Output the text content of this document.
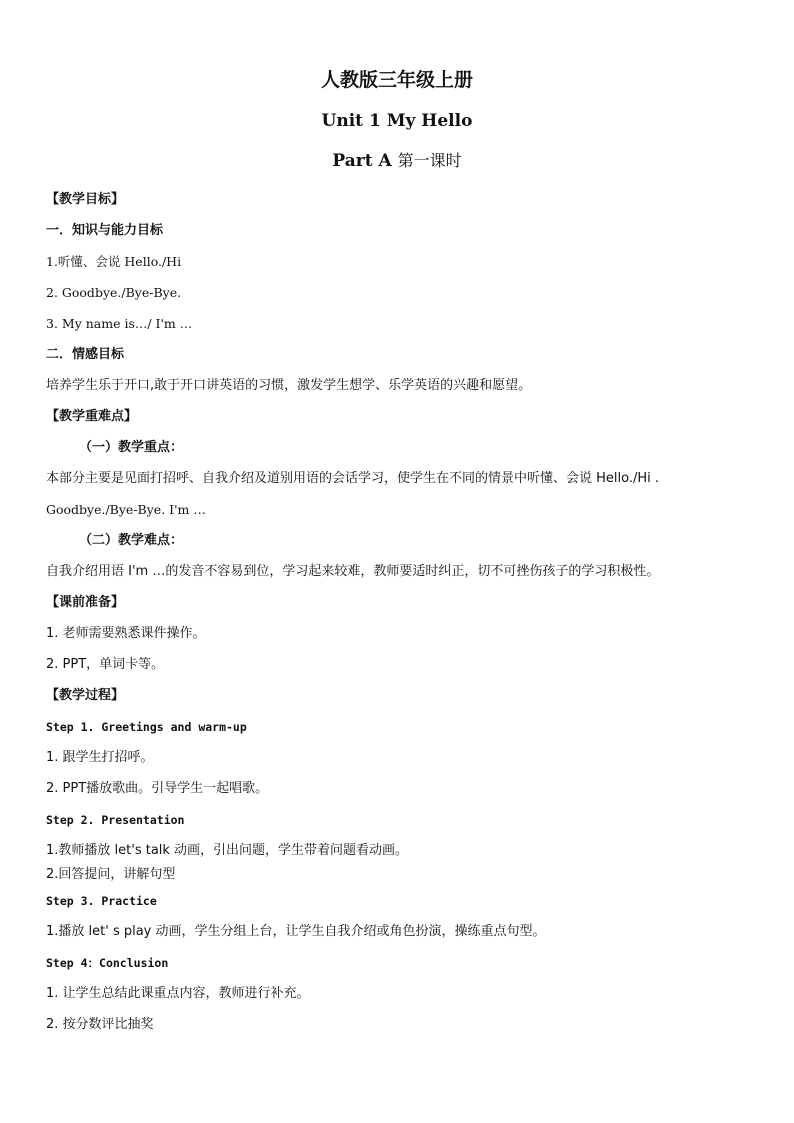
人教版三年级上册
Unit 1 My Hello
Part A 第一课时

【教学目标】

一．知识与能力目标

1.听懂、会说 Hello./Hi

2. Goodbye./Bye-Bye.

3. My name is…/ I'm …

二．情感目标

培养学生乐于开口,敢于开口讲英语的习惯，激发学生想学、乐学英语的兴趣和愿望。

【教学重难点】

（一）教学重点：

本部分主要是见面打招呼、自我介绍及道别用语的会话学习，使学生在不同的情景中听懂、会说 Hello./Hi .

Goodbye./Bye-Bye. I'm …

（二）教学难点：

自我介绍用语 I'm …的发音不容易到位，学习起来较难，教师要适时纠正，切不可挫伤孩子的学习积极性。

【课前准备】

1. 老师需要熟悉课件操作。

2. PPT，单词卡等。

【教学过程】

Step 1. Greetings and warm-up

1. 跟学生打招呼。

2. PPT播放歌曲。引导学生一起唱歌。

Step 2. Presentation

1.教师播放 let's talk 动画，引出问题，学生带着问题看动画。

2.回答提问，讲解句型

Step 3. Practice

1.播放 let' s play 动画，学生分组上台，让学生自我介绍或角色扮演，操练重点句型。

Step 4：Conclusion

1. 让学生总结此课重点内容，教师进行补充。

2. 按分数评比抽奖
